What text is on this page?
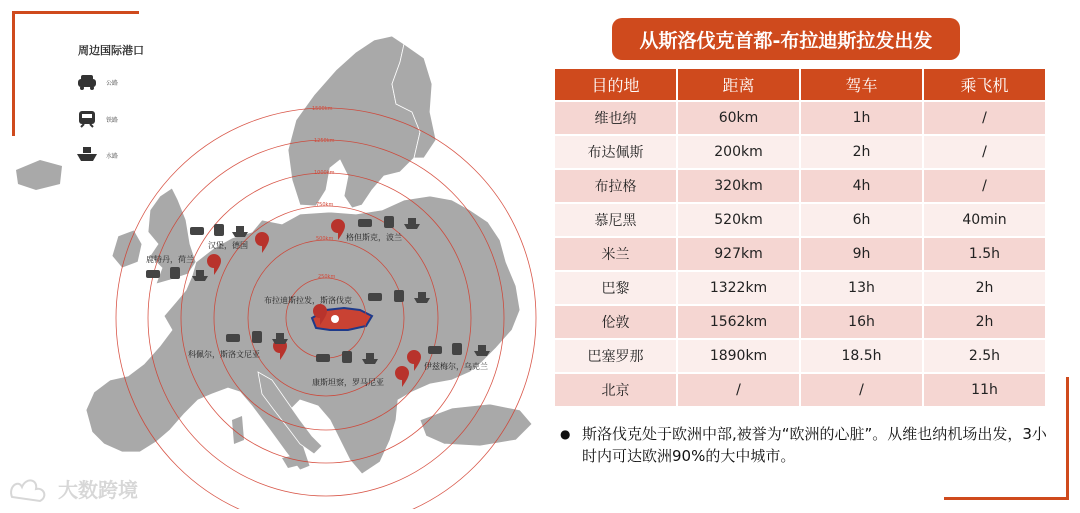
250km
500km
750km
1000km
1250km
1500km
鹿特丹，荷兰
汉堡，德国
格但斯克，波兰
布拉迪斯拉发，斯洛伐克
科佩尔，斯洛文尼亚
伊兹梅尔，乌克兰
康斯坦察，罗马尼亚
周边国际港口
公路
铁路
水路
从斯洛伐克首都-布拉迪斯拉发出发
目的地	距离	驾车	乘飞机
维也纳	60km	1h	/
布达佩斯	200km	2h	/
布拉格	320km	4h	/
慕尼黑	520km	6h	40min
米兰	927km	9h	1.5h
巴黎	1322km	13h	2h
伦敦	1562km	16h	2h
巴塞罗那	1890km	18.5h	2.5h
北京	/	/	11h
● 斯洛伐克处于欧洲中部,被誉为“欧洲的心脏”。从维也纳机场出发，3小时内可达欧洲90%的大中城市。
大数跨境
